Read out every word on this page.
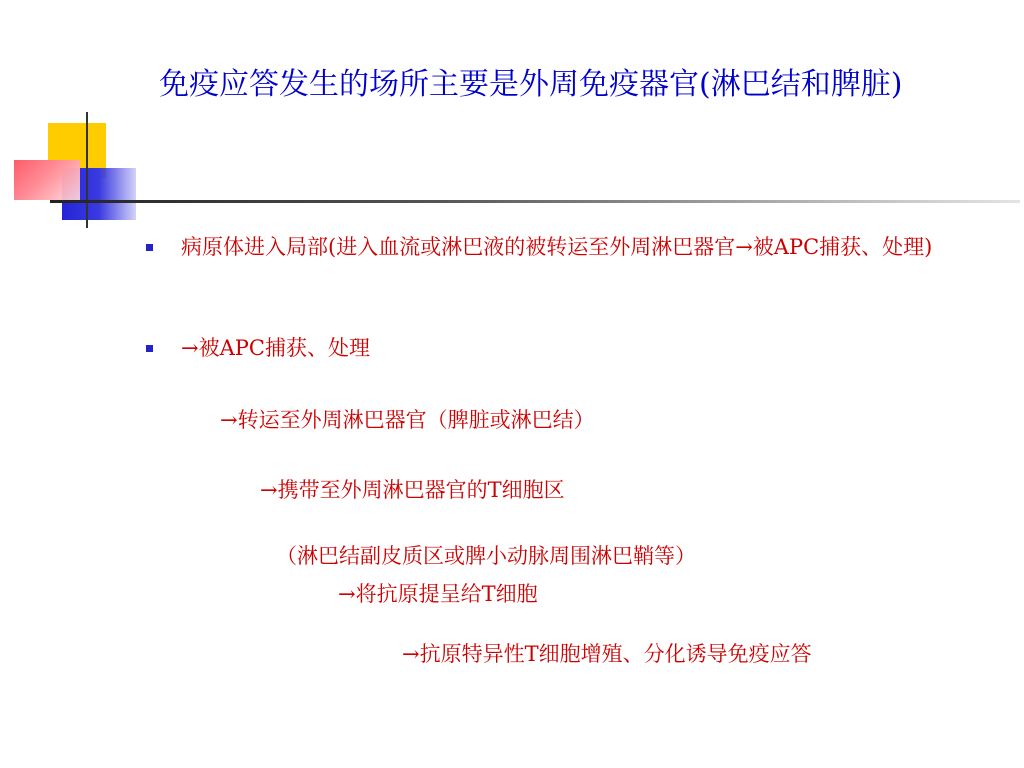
免疫应答发生的场所主要是外周免疫器官(淋巴结和脾脏)
病原体进入局部(进入血流或淋巴液的被转运至外周淋巴器官→被APC捕获、处理)
→被APC捕获、处理
→转运至外周淋巴器官（脾脏或淋巴结）
→携带至外周淋巴器官的T细胞区
（淋巴结副皮质区或脾小动脉周围淋巴鞘等）
→将抗原提呈给T细胞
→抗原特异性T细胞增殖、分化诱导免疫应答
